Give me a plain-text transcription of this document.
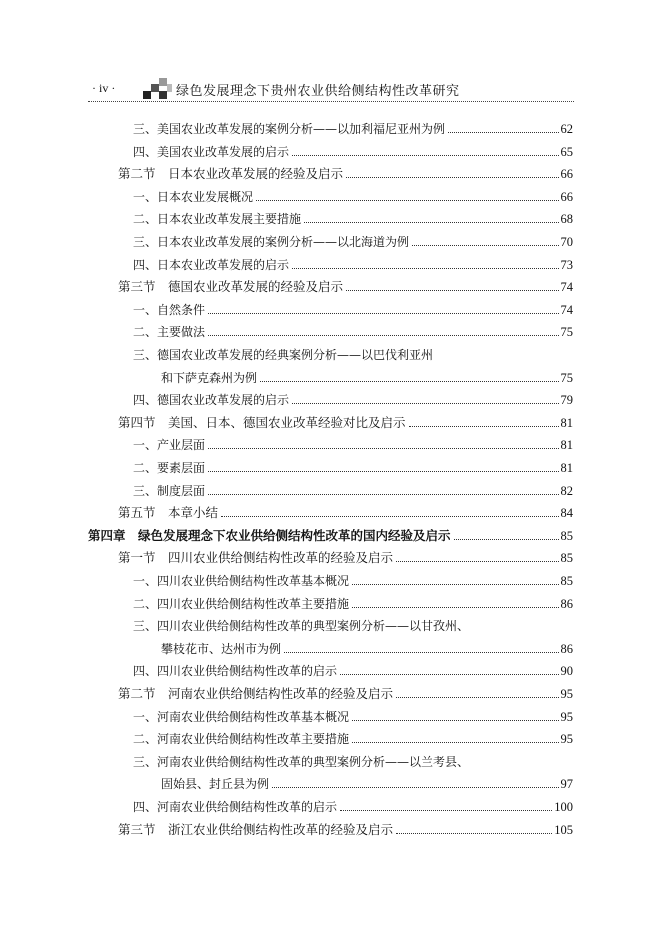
· iv ·	绿色发展理念下贵州农业供给侧结构性改革研究
三、美国农业改革发展的案例分析——以加利福尼亚州为例	62
四、美国农业改革发展的启示	65
第二节　日本农业改革发展的经验及启示	66
一、日本农业发展概况	66
二、日本农业改革发展主要措施	68
三、日本农业改革发展的案例分析——以北海道为例	70
四、日本农业改革发展的启示	73
第三节　德国农业改革发展的经验及启示	74
一、自然条件	74
二、主要做法	75
三、德国农业改革发展的经典案例分析——以巴伐利亚州
和下萨克森州为例	75
四、德国农业改革发展的启示	79
第四节　美国、日本、德国农业改革经验对比及启示	81
一、产业层面	81
二、要素层面	81
三、制度层面	82
第五节　本章小结	84
第四章　绿色发展理念下农业供给侧结构性改革的国内经验及启示	85
第一节　四川农业供给侧结构性改革的经验及启示	85
一、四川农业供给侧结构性改革基本概况	85
二、四川农业供给侧结构性改革主要措施	86
三、四川农业供给侧结构性改革的典型案例分析——以甘孜州、
攀枝花市、达州市为例	86
四、四川农业供给侧结构性改革的启示	90
第二节　河南农业供给侧结构性改革的经验及启示	95
一、河南农业供给侧结构性改革基本概况	95
二、河南农业供给侧结构性改革主要措施	95
三、河南农业供给侧结构性改革的典型案例分析——以兰考县、
固始县、封丘县为例	97
四、河南农业供给侧结构性改革的启示	100
第三节　浙江农业供给侧结构性改革的经验及启示	105
